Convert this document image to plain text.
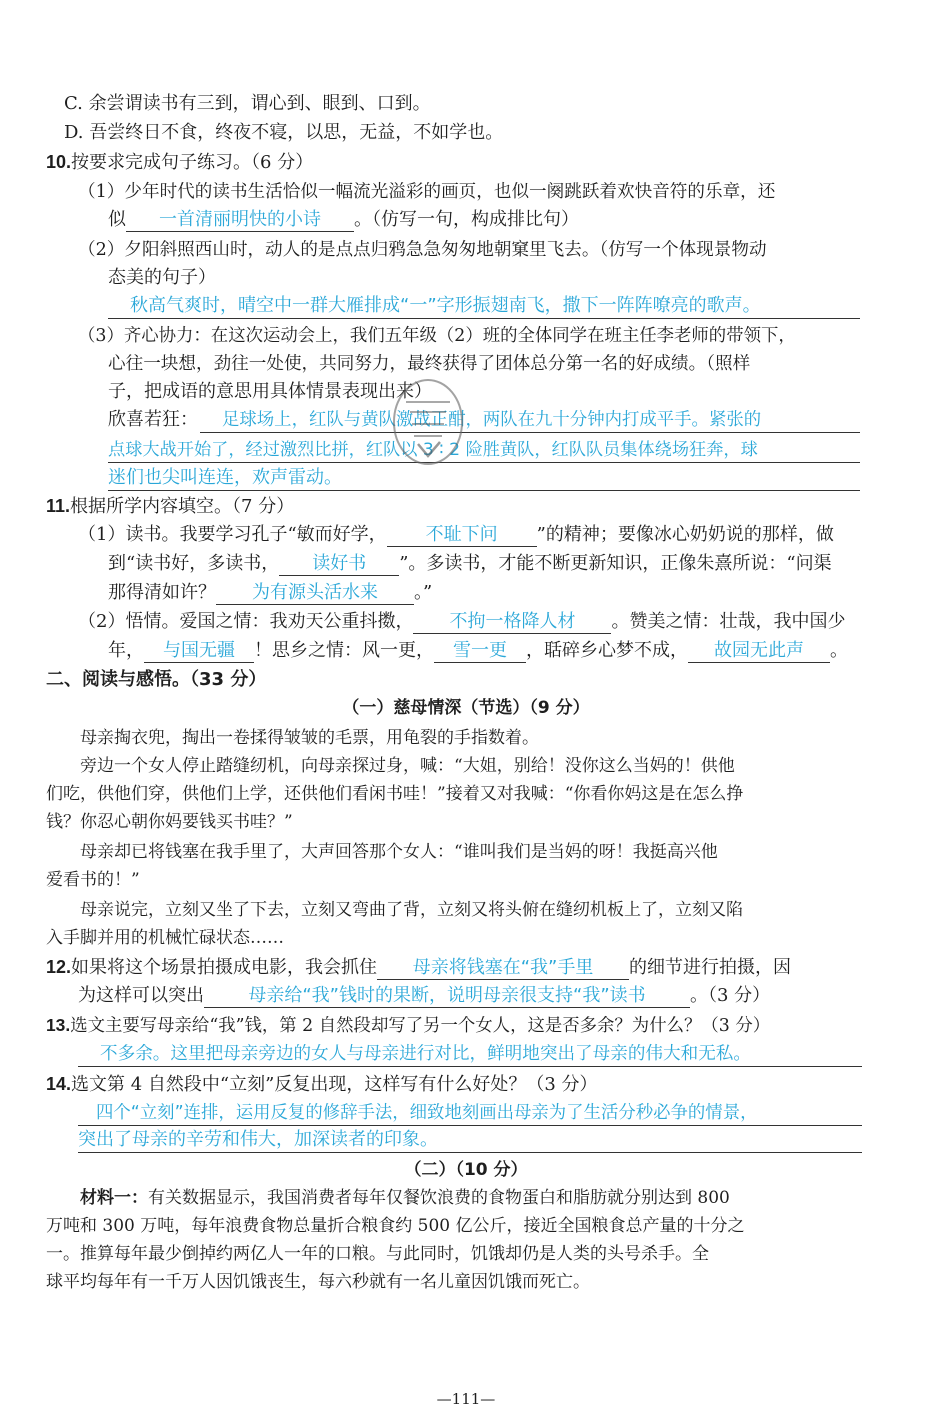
C. 余尝谓读书有三到，谓心到、眼到、口到。
D. 吾尝终日不食，终夜不寝，以思，无益，不如学也。
10.按要求完成句子练习。（6 分）
（1）少年时代的读书生活恰似一幅流光溢彩的画页，也似一阕跳跃着欢快音符的乐章，还
似 一首清丽明快的小诗 。（仿写一句，构成排比句）
（2）夕阳斜照西山时，动人的是点点归鸦急急匆匆地朝窠里飞去。（仿写一个体现景物动
态美的句子）
秋高气爽时，晴空中一群大雁排成“一”字形振翅南飞，撒下一阵阵嘹亮的歌声。
（3）齐心协力：在这次运动会上，我们五年级（2）班的全体同学在班主任李老师的带领下，
心往一块想，劲往一处使，共同努力，最终获得了团体总分第一名的好成绩。（照样
子，把成语的意思用具体情景表现出来）
欣喜若狂： 足球场上，红队与黄队激战正酣，两队在九十分钟内打成平手。紧张的
点球大战开始了，经过激烈比拼，红队以 3 ∶ 2 险胜黄队，红队队员集体绕场狂奔，球
迷们也尖叫连连，欢声雷动。
11.根据所学内容填空。（7 分）
（1）读书。我要学习孔子“敏而好学， 不耻下问 ”的精神；要像冰心奶奶说的那样，做
到“读书好，多读书， 读好书 ”。多读书，才能不断更新知识，正像朱熹所说：“问渠
那得清如许？ 为有源头活水来 。”
（2）悟情。爱国之情：我劝天公重抖擞， 不拘一格降人材 。赞美之情：壮哉，我中国少
年， 与国无疆 ！思乡之情：风一更， 雪一更 ，聒碎乡心梦不成， 故园无此声 。
二、阅读与感悟。（33 分）
（一）慈母情深（节选）（9 分）
母亲掏衣兜，掏出一卷揉得皱皱的毛票，用龟裂的手指数着。
旁边一个女人停止踏缝纫机，向母亲探过身，喊：“大姐，别给！没你这么当妈的！供他
们吃，供他们穿，供他们上学，还供他们看闲书哇！”接着又对我喊：“你看你妈这是在怎么挣
钱？你忍心朝你妈要钱买书哇？”
母亲却已将钱塞在我手里了，大声回答那个女人：“谁叫我们是当妈的呀！我挺高兴他
爱看书的！”
母亲说完，立刻又坐了下去，立刻又弯曲了背，立刻又将头俯在缝纫机板上了，立刻又陷
入手脚并用的机械忙碌状态……
12.如果将这个场景拍摄成电影，我会抓住 母亲将钱塞在“我”手里 的细节进行拍摄，因
为这样可以突出 母亲给“我”钱时的果断，说明母亲很支持“我”读书 。（3 分）
13.选文主要写母亲给“我”钱，第 2 自然段却写了另一个女人，这是否多余？为什么？（3 分）
不多余。这里把母亲旁边的女人与母亲进行对比，鲜明地突出了母亲的伟大和无私。
14.选文第 4 自然段中“立刻”反复出现，这样写有什么好处？（3 分）
四个“立刻”连排，运用反复的修辞手法，细致地刻画出母亲为了生活分秒必争的情景，
突出了母亲的辛劳和伟大，加深读者的印象。
（二）（10 分）
材料一：有关数据显示，我国消费者每年仅餐饮浪费的食物蛋白和脂肪就分别达到 800
万吨和 300 万吨，每年浪费食物总量折合粮食约 500 亿公斤，接近全国粮食总产量的十分之
一。推算每年最少倒掉约两亿人一年的口粮。与此同时，饥饿却仍是人类的头号杀手。全
球平均每年有一千万人因饥饿丧生，每六秒就有一名儿童因饥饿而死亡。
—111—
